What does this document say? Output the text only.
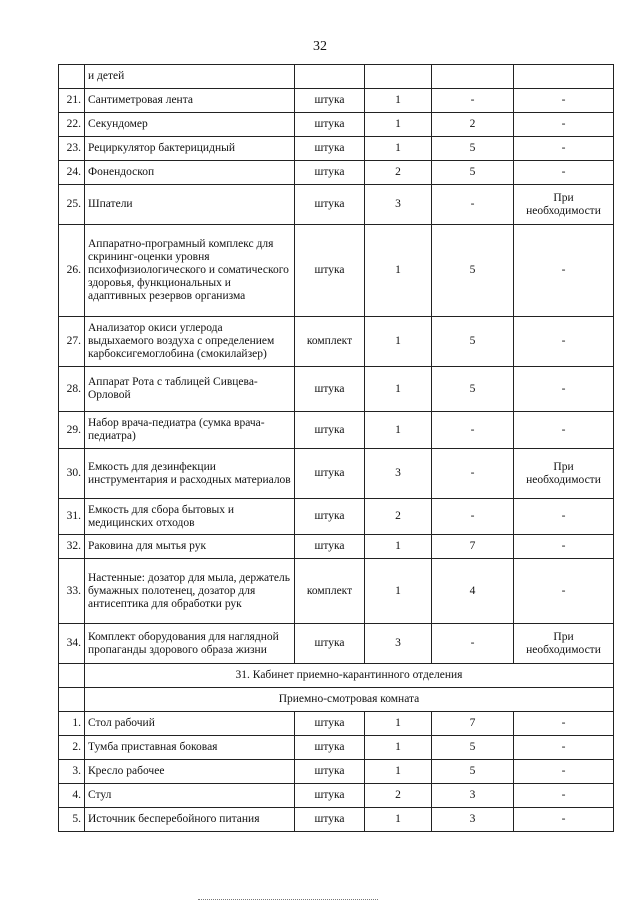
32
	и детей				
21.	Сантиметровая лента	штука	1	-	-
22.	Секундомер	штука	1	2	-
23.	Рециркулятор бактерицидный	штука	1	5	-
24.	Фонендоскоп	штука	2	5	-
25.	Шпатели	штука	3	-	При необходимости
26.	Аппаратно-програмный комплекс для скрининг-оценки уровня психофизиологического и соматического здоровья, функциональных и адаптивных резервов организма	штука	1	5	-
27.	Анализатор окиси углерода выдыхаемого воздуха с определением карбоксигемоглобина (смокилайзер)	комплект	1	5	-
28.	Аппарат Рота с таблицей Сивцева-Орловой	штука	1	5	-
29.	Набор врача-педиатра (сумка врача-педиатра)	штука	1	-	-
30.	Емкость для дезинфекции инструментария и расходных материалов	штука	3	-	При необходимости
31.	Емкость для сбора бытовых и медицинских отходов	штука	2	-	-
32.	Раковина для мытья рук	штука	1	7	-
33.	Настенные: дозатор для мыла, держатель бумажных полотенец, дозатор для антисептика для обработки рук	комплект	1	4	-
34.	Комплект оборудования для наглядной пропаганды здорового образа жизни	штука	3	-	При необходимости
	31. Кабинет приемно-карантинного отделения				
	Приемно-смотровая комната				
1.	Стол рабочий	штука	1	7	-
2.	Тумба приставная боковая	штука	1	5	-
3.	Кресло рабочее	штука	1	5	-
4.	Стул	штука	2	3	-
5.	Источник бесперебойного питания	штука	1	3	-
